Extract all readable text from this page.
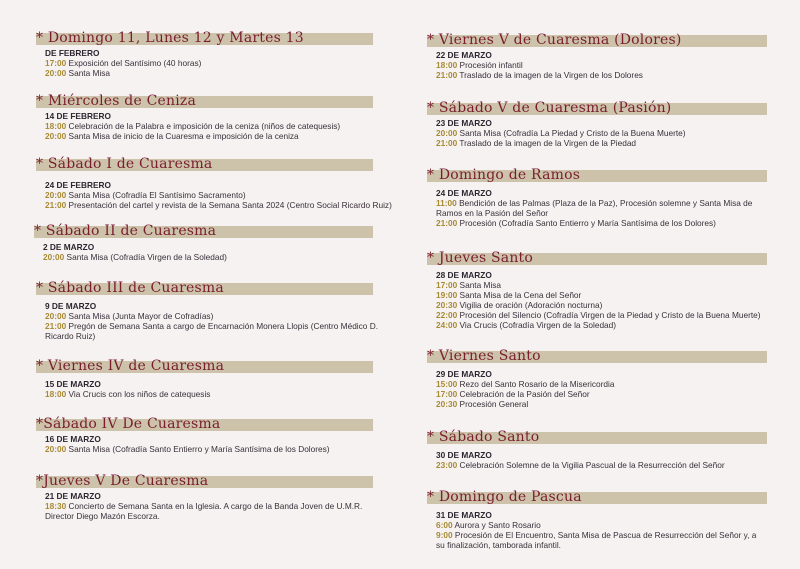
* Domingo 11, Lunes 12 y Martes 13
DE FEBRERO
17:00 Exposición del Santísimo (40 horas)
20:00 Santa Misa
* Miércoles de Ceniza
14 DE FEBRERO
18:00 Celebración de la Palabra e imposición de la ceniza (niños de catequesis)
20:00 Santa Misa de inicio de la Cuaresma e imposición de la ceniza
* Sábado I de Cuaresma
24 DE FEBRERO
20:00 Santa Misa (Cofradía El Santísimo Sacramento)
21:00 Presentación del cartel y revista de la Semana Santa 2024 (Centro Social Ricardo Ruiz)
* Sábado II de Cuaresma
2 DE MARZO
20:00 Santa Misa (Cofradía Virgen de la Soledad)
* Sábado III de Cuaresma
9 DE MARZO
20:00 Santa Misa (Junta Mayor de Cofradías)
21:00 Pregón de Semana Santa a cargo de Encarnación Monera Llopis (Centro Médico D. Ricardo Ruiz)
* Viernes IV de Cuaresma
15 DE MARZO
18:00 Via Crucis con los niños de catequesis
*Sábado IV De Cuaresma
16 DE MARZO
20:00 Santa Misa (Cofradía Santo Entierro y María Santísima de los Dolores)
*Jueves V De Cuaresma
21 DE MARZO
18:30 Concierto de Semana Santa en la Iglesia. A cargo de la Banda Joven de U.M.R. Director Diego Mazón Escorza.
* Viernes V de Cuaresma (Dolores)
22 DE MARZO
18:00 Procesión infantil
21:00 Traslado de la imagen de la Virgen de los Dolores
* Sábado V de Cuaresma (Pasión)
23 DE MARZO
20:00 Santa Misa (Cofradía La Piedad y Cristo de la Buena Muerte)
21:00 Traslado de la imagen de la Virgen de la Piedad
* Domingo de Ramos
24 DE MARZO
11:00 Bendición de las Palmas (Plaza de la Paz), Procesión solemne y Santa Misa de Ramos en la Pasión del Señor
21:00 Procesión (Cofradía Santo Entierro y María Santísima de los Dolores)
* Jueves Santo
28 DE MARZO
17:00 Santa Misa
19:00 Santa Misa de la Cena del Señor
20:30 Vigilia de oración (Adoración nocturna)
22:00 Procesión del Silencio (Cofradía Virgen de la Piedad y Cristo de la Buena Muerte)
24:00 Via Crucis (Cofradía Virgen de la Soledad)
* Viernes Santo
29 DE MARZO
15:00 Rezo del Santo Rosario de la Misericordia
17:00 Celebración de la Pasión del Señor
20:30 Procesión General
* Sábado Santo
30 DE MARZO
23:00 Celebración Solemne de la Vigilia Pascual de la Resurrección del Señor
* Domingo de Pascua
31 DE MARZO
6:00 Aurora y Santo Rosario
9:00 Procesión de El Encuentro, Santa Misa de Pascua de Resurrección del Señor y, a su finalización, tamborada infantil.
